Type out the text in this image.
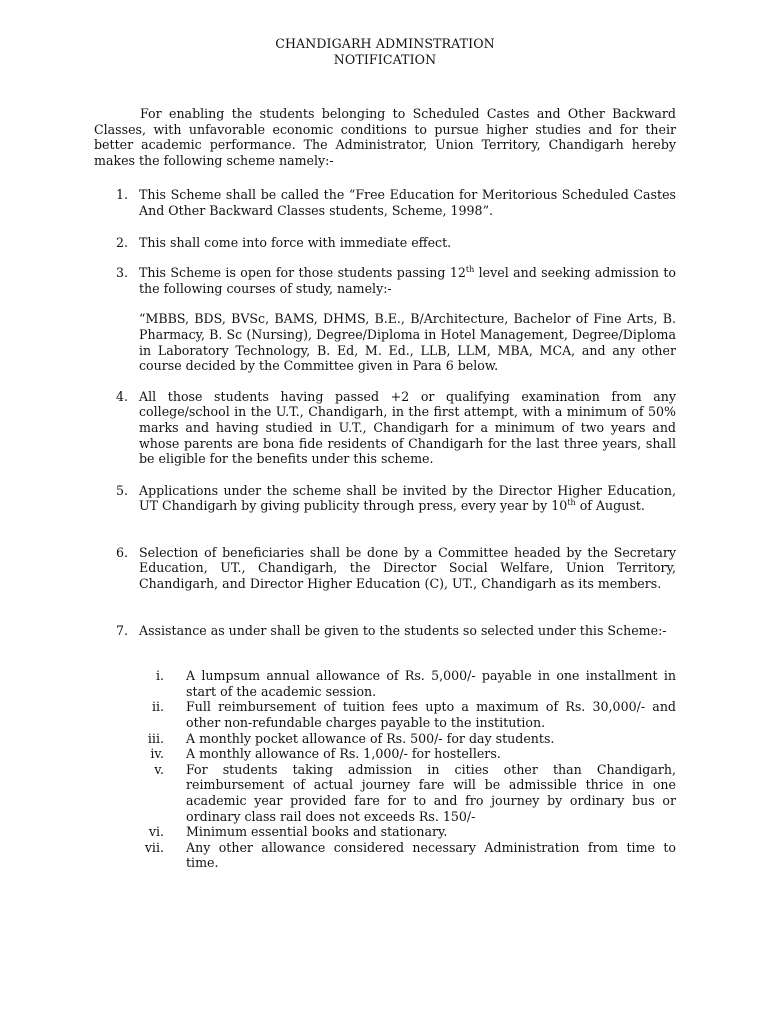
CHANDIGARH ADMINSTRATION
NOTIFICATION

For enabling the students belonging to Scheduled Castes and Other Backward Classes, with unfavorable economic conditions to pursue higher studies and for their better academic performance. The Administrator, Union Territory, Chandigarh hereby makes the following scheme namely:-

1. This Scheme shall be called the “Free Education for Meritorious Scheduled Castes And Other Backward Classes students, Scheme, 1998”.
2. This shall come into force with immediate effect.
3. This Scheme is open for those students passing 12th level and seeking admission to the following courses of study, namely:-
“MBBS, BDS, BVSc, BAMS, DHMS, B.E., B/Architecture, Bachelor of Fine Arts, B. Pharmacy, B. Sc (Nursing), Degree/Diploma in Hotel Management, Degree/Diploma in Laboratory Technology, B. Ed, M. Ed., LLB, LLM, MBA, MCA, and any other course decided by the Committee given in Para 6 below.
4. All those students having passed +2 or qualifying examination from any college/school in the U.T., Chandigarh, in the first attempt, with a minimum of 50% marks and having studied in U.T., Chandigarh for a minimum of two years and whose parents are bona fide residents of Chandigarh for the last three years, shall be eligible for the benefits under this scheme.
5. Applications under the scheme shall be invited by the Director Higher Education, UT Chandigarh by giving publicity through press, every year by 10th of August.
6. Selection of beneficiaries shall be done by a Committee headed by the Secretary Education, UT., Chandigarh, the Director Social Welfare, Union Territory, Chandigarh, and Director Higher Education (C), UT., Chandigarh as its members.
7. Assistance as under shall be given to the students so selected under this Scheme:-
i. A lumpsum annual allowance of Rs. 5,000/- payable in one installment in start of the academic session.
ii. Full reimbursement of tuition fees upto a maximum of Rs. 30,000/- and other non-refundable charges payable to the institution.
iii. A monthly pocket allowance of Rs. 500/- for day students.
iv. A monthly allowance of Rs. 1,000/- for hostellers.
v. For students taking admission in cities other than Chandigarh, reimbursement of actual journey fare will be admissible thrice in one academic year provided fare for to and fro journey by ordinary bus or ordinary class rail does not exceeds Rs. 150/-
vi. Minimum essential books and stationary.
vii. Any other allowance considered necessary Administration from time to time.
